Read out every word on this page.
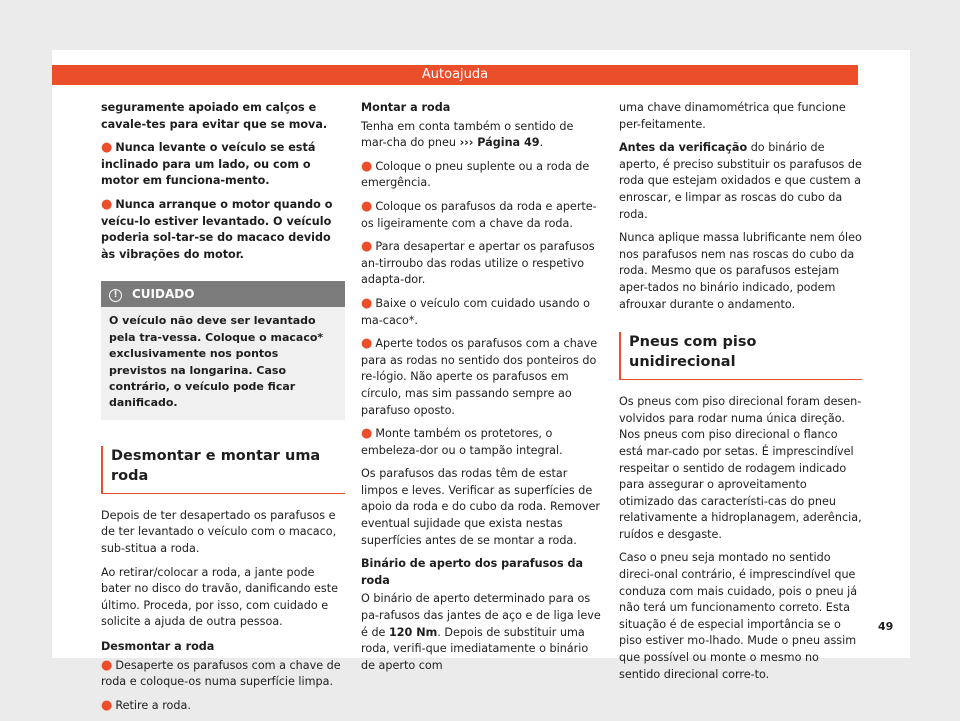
Autoajuda

seguramente apoiado em calços e cavale-tes para evitar que se mova.

● Nunca levante o veículo se está inclinado para um lado, ou com o motor em funciona-mento.

● Nunca arranque o motor quando o veícu-lo estiver levantado. O veículo poderia sol-tar-se do macaco devido às vibrações do motor.

! CUIDADO
O veículo não deve ser levantado pela tra-vessa. Coloque o macaco* exclusivamente nos pontos previstos na longarina. Caso contrário, o veículo pode ficar danificado.
Desmontar e montar uma roda

Depois de ter desapertado os parafusos e de ter levantado o veículo com o macaco, sub-stitua a roda.

Ao retirar/colocar a roda, a jante pode bater no disco do travão, danificando este último. Proceda, por isso, com cuidado e solicite a ajuda de outra pessoa.

Desmontar a roda

● Desaperte os parafusos com a chave de roda e coloque-os numa superfície limpa.

● Retire a roda.

Montar a roda

Tenha em conta também o sentido de mar-cha do pneu ››› Página 49.

● Coloque o pneu suplente ou a roda de emergência.

● Coloque os parafusos da roda e aperte-os ligeiramente com a chave da roda.

● Para desapertar e apertar os parafusos an-tirroubo das rodas utilize o respetivo adapta-dor.

● Baixe o veículo com cuidado usando o ma-caco*.

● Aperte todos os parafusos com a chave para as rodas no sentido dos ponteiros do re-lógio. Não aperte os parafusos em círculo, mas sim passando sempre ao parafuso oposto.

● Monte também os protetores, o embeleza-dor ou o tampão integral.

Os parafusos das rodas têm de estar limpos e leves. Verificar as superfícies de apoio da roda e do cubo da roda. Remover eventual sujidade que exista nestas superfícies antes de se montar a roda.

Binário de aperto dos parafusos da roda

O binário de aperto determinado para os pa-rafusos das jantes de aço e de liga leve é de 120 Nm. Depois de substituir uma roda, verifi-que imediatamente o binário de aperto com

uma chave dinamométrica que funcione per-feitamente.

Antes da verificação do binário de aperto, é preciso substituir os parafusos de roda que estejam oxidados e que custem a enroscar, e limpar as roscas do cubo da roda.

Nunca aplique massa lubrificante nem óleo nos parafusos nem nas roscas do cubo da roda. Mesmo que os parafusos estejam aper-tados no binário indicado, podem afrouxar durante o andamento.

Pneus com piso unidirecional

Os pneus com piso direcional foram desen-volvidos para rodar numa única direção. Nos pneus com piso direcional o flanco está mar-cado por setas. É imprescindível respeitar o sentido de rodagem indicado para assegurar o aproveitamento otimizado das característi-cas do pneu relativamente a hidroplanagem, aderência, ruídos e desgaste.

Caso o pneu seja montado no sentido direci-onal contrário, é imprescindível que conduza com mais cuidado, pois o pneu já não terá um funcionamento correto. Esta situação é de especial importância se o piso estiver mo-lhado. Mude o pneu assim que possível ou monte o mesmo no sentido direcional corre-to.

49
